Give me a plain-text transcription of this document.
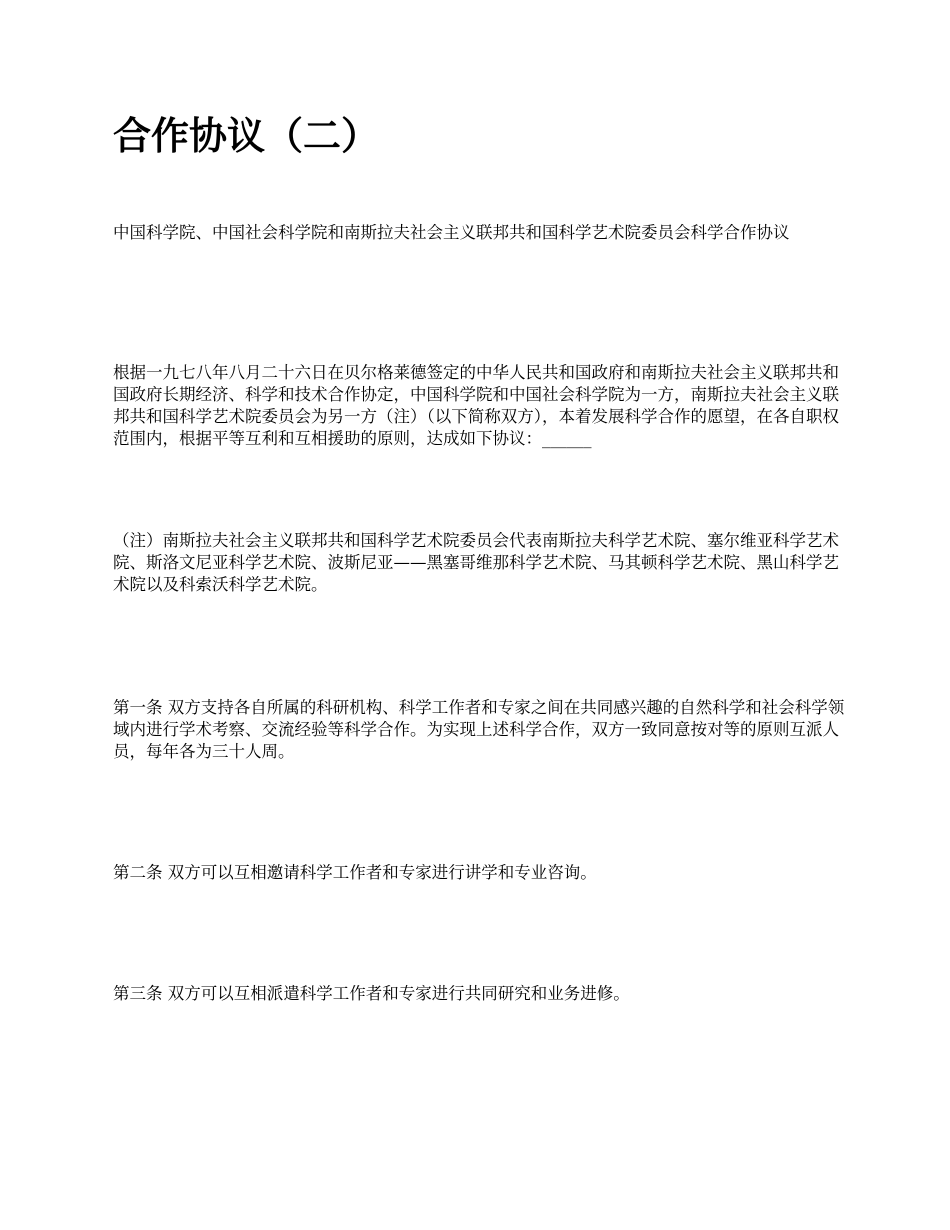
合作协议（二）

中国科学院、中国社会科学院和南斯拉夫社会主义联邦共和国科学艺术院委员会科学合作协议

根据一九七八年八月二十六日在贝尔格莱德签定的中华人民共和国政府和南斯拉夫社会主义联邦共和国政府长期经济、科学和技术合作协定，中国科学院和中国社会科学院为一方，南斯拉夫社会主义联邦共和国科学艺术院委员会为另一方（注）（以下简称双方），本着发展科学合作的愿望，在各自职权范围内，根据平等互利和互相援助的原则，达成如下协议：______

（注）南斯拉夫社会主义联邦共和国科学艺术院委员会代表南斯拉夫科学艺术院、塞尔维亚科学艺术院、斯洛文尼亚科学艺术院、波斯尼亚——黑塞哥维那科学艺术院、马其顿科学艺术院、黑山科学艺术院以及科索沃科学艺术院。

第一条 双方支持各自所属的科研机构、科学工作者和专家之间在共同感兴趣的自然科学和社会科学领域内进行学术考察、交流经验等科学合作。为实现上述科学合作，双方一致同意按对等的原则互派人员，每年各为三十人周。

第二条 双方可以互相邀请科学工作者和专家进行讲学和专业咨询。

第三条 双方可以互相派遣科学工作者和专家进行共同研究和业务进修。
